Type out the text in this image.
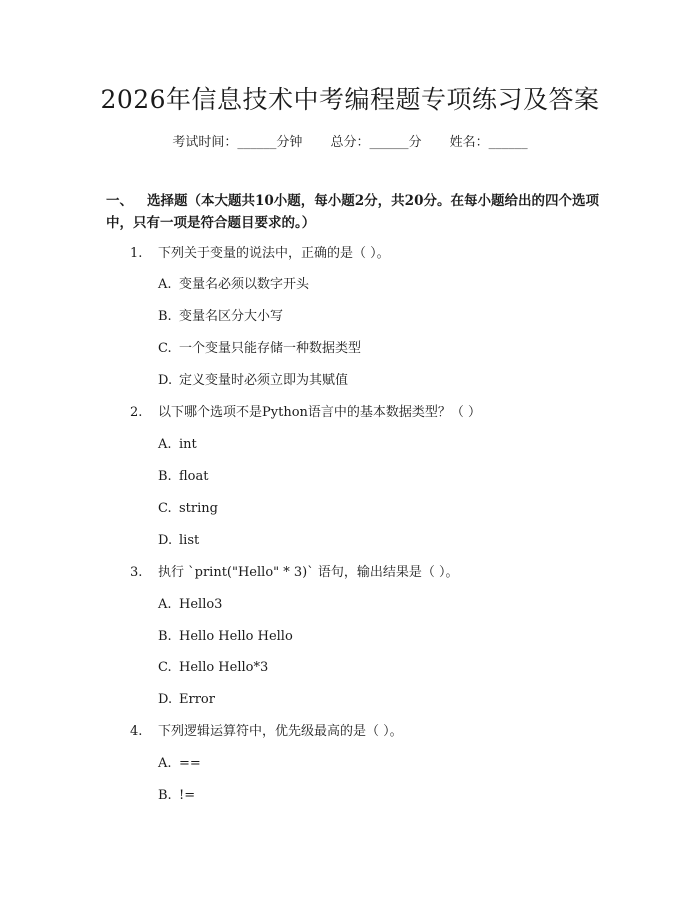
2026年信息技术中考编程题专项练习及答案
考试时间：______分钟 总分：______分 姓名：______
一、 选择题（本大题共10小题，每小题2分，共20分。在每小题给出的四个选项中，只有一项是符合题目要求的。）
1. 下列关于变量的说法中，正确的是（ ）。
A. 变量名必须以数字开头
B. 变量名区分大小写
C. 一个变量只能存储一种数据类型
D. 定义变量时必须立即为其赋值
2. 以下哪个选项不是Python语言中的基本数据类型？（ ）
A. int
B. float
C. string
D. list
3. 执行 `print("Hello" * 3)` 语句，输出结果是（ ）。
A. Hello3
B. Hello Hello Hello
C. Hello Hello*3
D. Error
4. 下列逻辑运算符中，优先级最高的是（ ）。
A. ==
B. !=
